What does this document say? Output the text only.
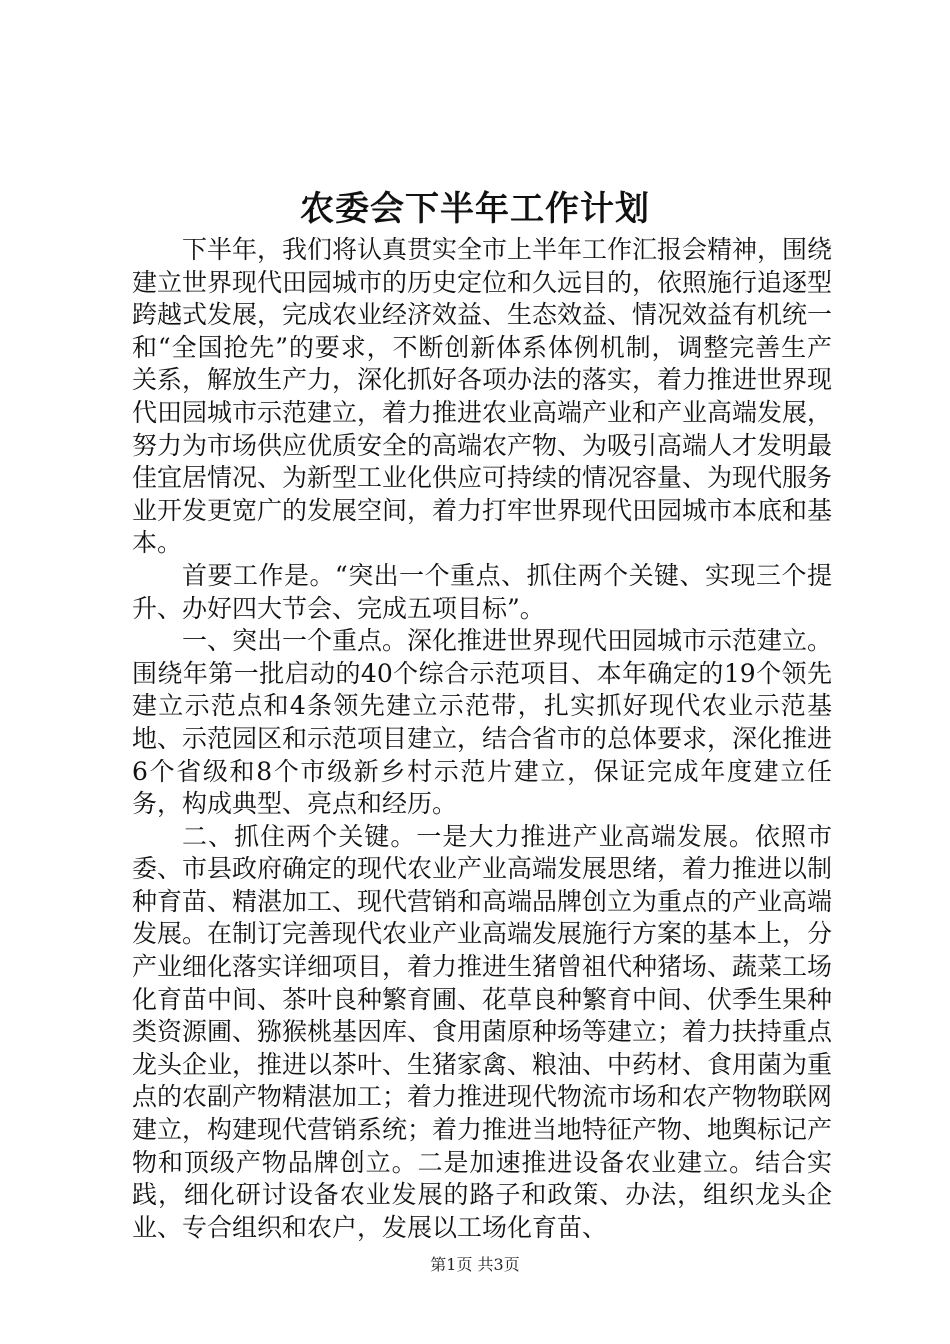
农委会下半年工作计划

下半年，我们将认真贯实全市上半年工作汇报会精神，围绕建立世界现代田园城市的历史定位和久远目的，依照施行追逐型跨越式发展，完成农业经济效益、生态效益、情况效益有机统一和“全国抢先”的要求，不断创新体系体例机制，调整完善生产关系，解放生产力，深化抓好各项办法的落实，着力推进世界现代田园城市示范建立，着力推进农业高端产业和产业高端发展，努力为市场供应优质安全的高端农产物、为吸引高端人才发明最佳宜居情况、为新型工业化供应可持续的情况容量、为现代服务业开发更宽广的发展空间，着力打牢世界现代田园城市本底和基本。

首要工作是。“突出一个重点、抓住两个关键、实现三个提升、办好四大节会、完成五项目标”。

一、突出一个重点。深化推进世界现代田园城市示范建立。围绕年第一批启动的40个综合示范项目、本年确定的19个领先建立示范点和4条领先建立示范带，扎实抓好现代农业示范基地、示范园区和示范项目建立，结合省市的总体要求，深化推进6个省级和8个市级新乡村示范片建立，保证完成年度建立任务，构成典型、亮点和经历。

二、抓住两个关键。一是大力推进产业高端发展。依照市委、市县政府确定的现代农业产业高端发展思绪，着力推进以制种育苗、精湛加工、现代营销和高端品牌创立为重点的产业高端发展。在制订完善现代农业产业高端发展施行方案的基本上，分产业细化落实详细项目，着力推进生猪曾祖代种猪场、蔬菜工场化育苗中间、茶叶良种繁育圃、花草良种繁育中间、伏季生果种类资源圃、猕猴桃基因库、食用菌原种场等建立；着力扶持重点龙头企业，推进以茶叶、生猪家禽、粮油、中药材、食用菌为重点的农副产物精湛加工；着力推进现代物流市场和农产物物联网建立，构建现代营销系统；着力推进当地特征产物、地舆标记产物和顶级产物品牌创立。二是加速推进设备农业建立。结合实践，细化研讨设备农业发展的路子和政策、办法，组织龙头企业、专合组织和农户，发展以工场化育苗、

第1页 共3页
